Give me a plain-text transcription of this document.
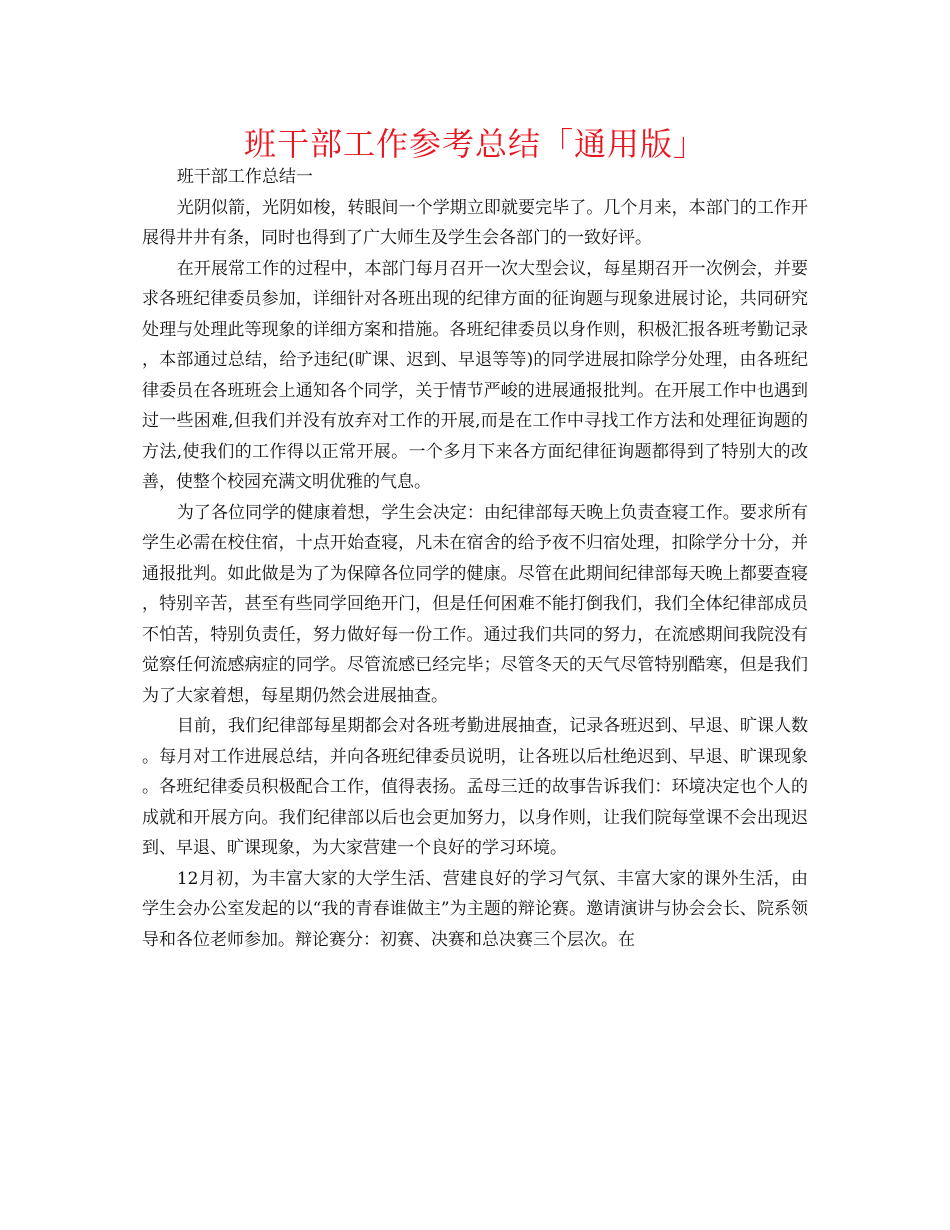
班干部工作参考总结「通用版」

班干部工作总结一

光阴似箭，光阴如梭，转眼间一个学期立即就要完毕了。几个月来，本部门的工作开展得井井有条，同时也得到了广大师生及学生会各部门的一致好评。

在开展常工作的过程中，本部门每月召开一次大型会议，每星期召开一次例会，并要求各班纪律委员参加，详细针对各班出现的纪律方面的征询题与现象进展讨论，共同研究处理与处理此等现象的详细方案和措施。各班纪律委员以身作则，积极汇报各班考勤记录，本部通过总结，给予违纪(旷课、迟到、早退等等)的同学进展扣除学分处理，由各班纪律委员在各班班会上通知各个同学，关于情节严峻的进展通报批判。在开展工作中也遇到过一些困难,但我们并没有放弃对工作的开展,而是在工作中寻找工作方法和处理征询题的方法,使我们的工作得以正常开展。一个多月下来各方面纪律征询题都得到了特别大的改善，使整个校园充满文明优雅的气息。

为了各位同学的健康着想，学生会决定：由纪律部每天晚上负责查寝工作。要求所有学生必需在校住宿，十点开始查寝，凡未在宿舍的给予夜不归宿处理，扣除学分十分，并通报批判。如此做是为了为保障各位同学的健康。尽管在此期间纪律部每天晚上都要查寝，特别辛苦，甚至有些同学回绝开门，但是任何困难不能打倒我们，我们全体纪律部成员不怕苦，特别负责任，努力做好每一份工作。通过我们共同的努力，在流感期间我院没有觉察任何流感病症的同学。尽管流感已经完毕；尽管冬天的天气尽管特别酷寒，但是我们为了大家着想，每星期仍然会进展抽查。

目前，我们纪律部每星期都会对各班考勤进展抽查，记录各班迟到、早退、旷课人数。每月对工作进展总结，并向各班纪律委员说明，让各班以后杜绝迟到、早退、旷课现象。各班纪律委员积极配合工作，值得表扬。孟母三迁的故事告诉我们：环境决定也个人的成就和开展方向。我们纪律部以后也会更加努力，以身作则，让我们院每堂课不会出现迟到、早退、旷课现象，为大家营建一个良好的学习环境。

12月初，为丰富大家的大学生活、营建良好的学习气氛、丰富大家的课外生活，由学生会办公室发起的以“我的青春谁做主”为主题的辩论赛。邀请演讲与协会会长、院系领导和各位老师参加。辩论赛分：初赛、决赛和总决赛三个层次。在
